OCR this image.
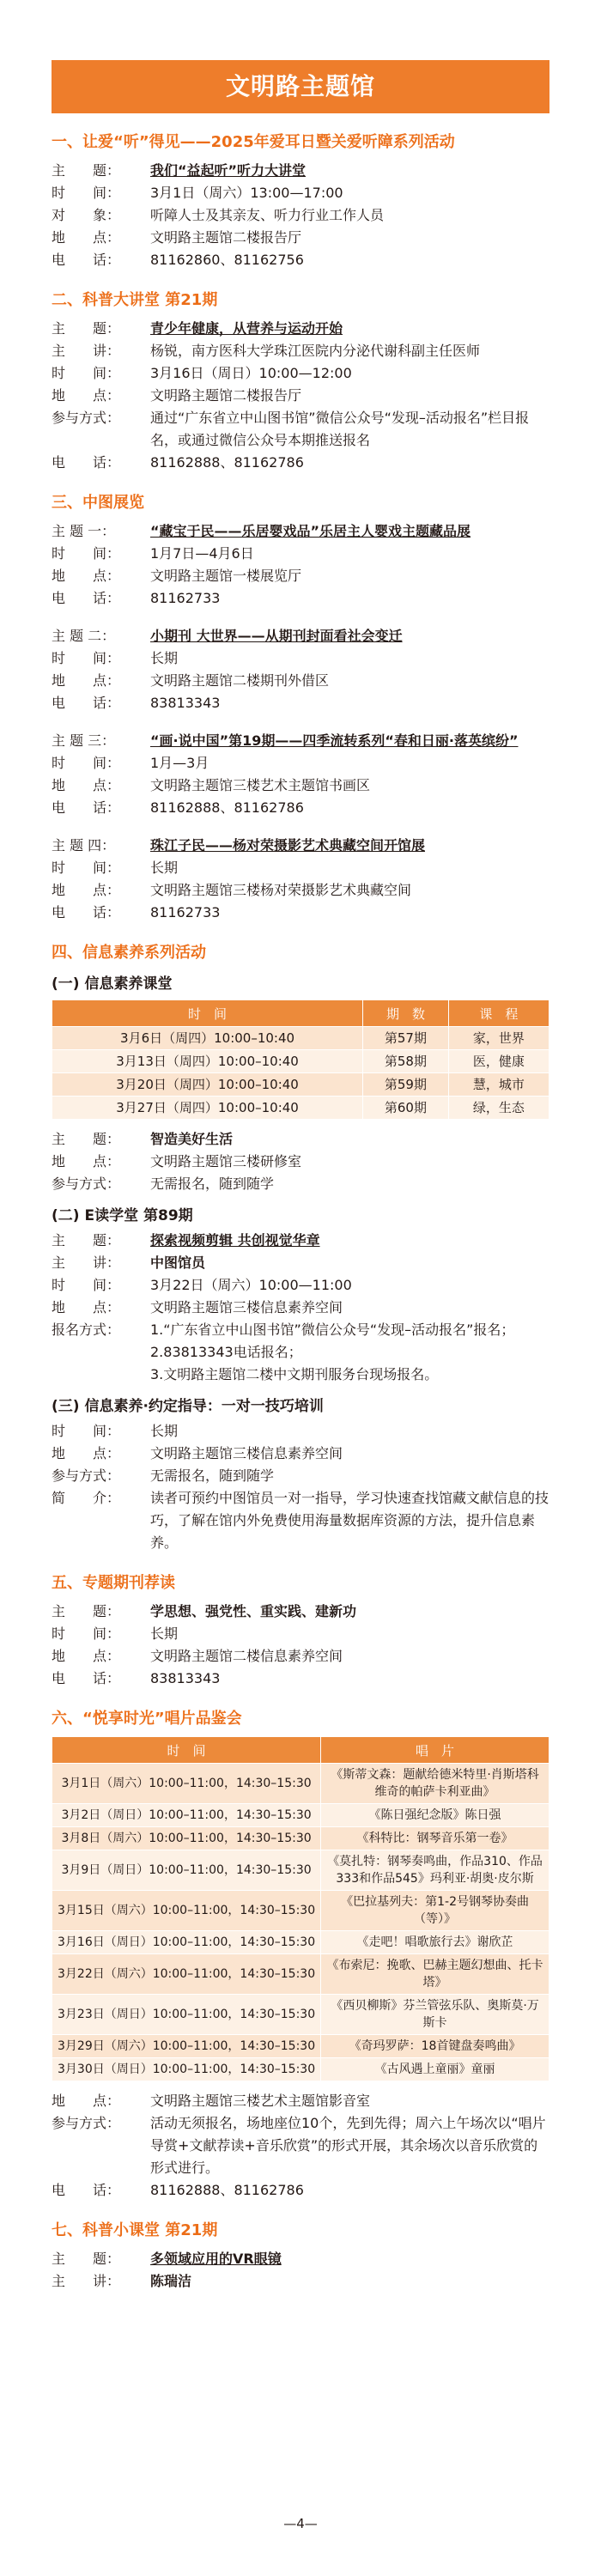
文明路主题馆
一、让爱“听”得见——2025年爱耳日暨关爱听障系列活动
主　　题：	我们“益起听”听力大讲堂
时　　间：	3月1日（周六）13:00—17:00
对　　象：	听障人士及其亲友、听力行业工作人员
地　　点：	文明路主题馆二楼报告厅
电　　话：	81162860、81162756
二、科普大讲堂 第21期
主　　题：	青少年健康，从营养与运动开始
主　　讲：	杨锐，南方医科大学珠江医院内分泌代谢科副主任医师
时　　间：	3月16日（周日）10:00—12:00
地　　点：	文明路主题馆二楼报告厅
参与方式：	通过“广东省立中山图书馆”微信公众号“发现–活动报名”栏目报名，或通过微信公众号本期推送报名
电　　话：	81162888、81162786
三、中图展览
主 题 一：	“藏宝于民——乐居婴戏品”乐居主人婴戏主题藏品展
时　　间：	1月7日—4月6日
地　　点：	文明路主题馆一楼展览厅
电　　话：	81162733
主 题 二：	小期刊 大世界——从期刊封面看社会变迁
时　　间：	长期
地　　点：	文明路主题馆二楼期刊外借区
电　　话：	83813343
主 题 三：	“画·说中国”第19期——四季流转系列“春和日丽·落英缤纷”
时　　间：	1月—3月
地　　点：	文明路主题馆三楼艺术主题馆书画区
电　　话：	81162888、81162786
主 题 四：	珠江子民——杨对荣摄影艺术典藏空间开馆展
时　　间：	长期
地　　点：	文明路主题馆三楼杨对荣摄影艺术典藏空间
电　　话：	81162733
四、信息素养系列活动
(一) 信息素养课堂
时　间	期　数	课　程
3月6日（周四）10:00–10:40	第57期	家，世界
3月13日（周四）10:00–10:40	第58期	医，健康
3月20日（周四）10:00–10:40	第59期	慧，城市
3月27日（周四）10:00–10:40	第60期	绿，生态
主　　题：	智造美好生活
地　　点：	文明路主题馆三楼研修室
参与方式：	无需报名，随到随学
(二) E读学堂 第89期
主　　题：	探索视频剪辑 共创视觉华章
主　　讲：	中图馆员
时　　间：	3月22日（周六）10:00—11:00
地　　点：	文明路主题馆三楼信息素养空间
报名方式：	1.“广东省立中山图书馆”微信公众号“发现–活动报名”报名；
2.83813343电话报名；
3.文明路主题馆二楼中文期刊服务台现场报名。
(三) 信息素养·约定指导：一对一技巧培训
时　　间：	长期
地　　点：	文明路主题馆三楼信息素养空间
参与方式：	无需报名，随到随学
简　　介：	读者可预约中图馆员一对一指导，学习快速查找馆藏文献信息的技巧，了解在馆内外免费使用海量数据库资源的方法，提升信息素养。
五、专题期刊荐读
主　　题：	学思想、强党性、重实践、建新功
时　　间：	长期
地　　点：	文明路主题馆二楼信息素养空间
电　　话：	83813343
六、“悦享时光”唱片品鉴会
时　间	唱　片
3月1日（周六）10:00–11:00，14:30–15:30	《斯蒂文森：题献给德米特里·肖斯塔科维奇的帕萨卡利亚曲》
3月2日（周日）10:00–11:00，14:30–15:30	《陈日强纪念版》陈日强
3月8日（周六）10:00–11:00，14:30–15:30	《科特比：钢琴音乐第一卷》
3月9日（周日）10:00–11:00，14:30–15:30	《莫扎特：钢琴奏鸣曲，作品310、作品333和作品545》玛利亚·胡奥·皮尔斯
3月15日（周六）10:00–11:00，14:30–15:30	《巴拉基列夫：第1-2号钢琴协奏曲（等）》
3月16日（周日）10:00–11:00，14:30–15:30	《走吧！唱歌旅行去》谢欣芷
3月22日（周六）10:00–11:00，14:30–15:30	《布索尼：挽歌、巴赫主题幻想曲、托卡塔》
3月23日（周日）10:00–11:00，14:30–15:30	《西贝柳斯》芬兰管弦乐队、奥斯莫·万斯卡
3月29日（周六）10:00–11:00，14:30–15:30	《奇玛罗萨：18首键盘奏鸣曲》
3月30日（周日）10:00–11:00，14:30–15:30	《古风遇上童丽》童丽
地　　点：	文明路主题馆三楼艺术主题馆影音室
参与方式：	活动无须报名，场地座位10个，先到先得；周六上午场次以“唱片导赏+文献荐读+音乐欣赏”的形式开展，其余场次以音乐欣赏的形式进行。
电　　话：	81162888、81162786
七、科普小课堂 第21期
主　　题：	多领域应用的VR眼镜
主　　讲：	陈瑞洁
—4—
